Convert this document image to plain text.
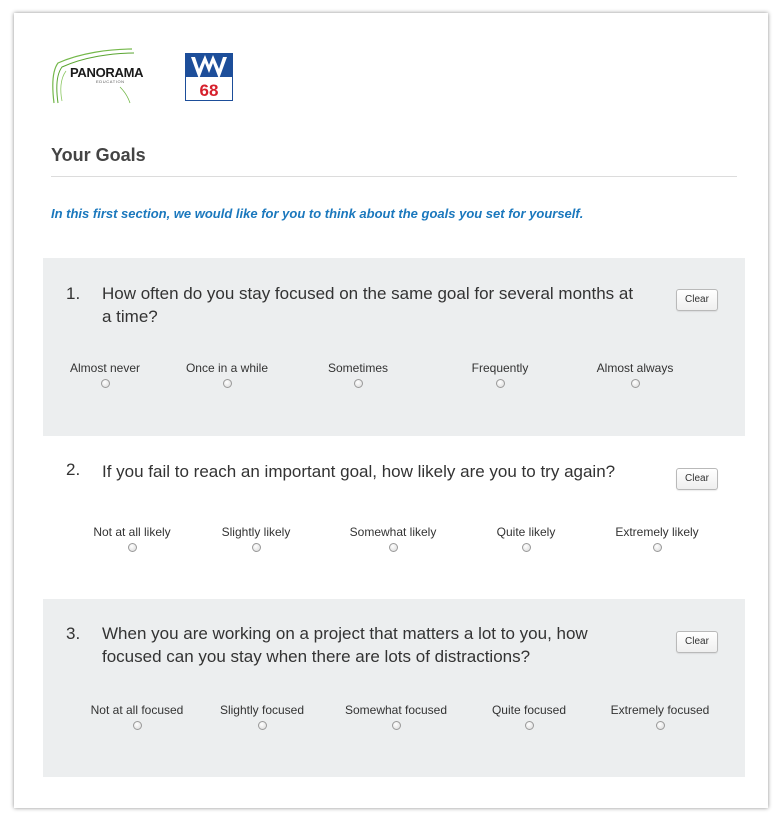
PANORAMA
EDUCATION	68
Your Goals
In this first section, we would like for you to think about the goals you set for yourself.
1. How often do you stay focused on the same goal for several months at a time?
Clear
Almost never	Once in a while	Sometimes	Frequently	Almost always
2. If you fail to reach an important goal, how likely are you to try again?	Clear
Not at all likely	Slightly likely	Somewhat likely	Quite likely	Extremely likely
3. When you are working on a project that matters a lot to you, how focused can you stay when there are lots of distractions?
Clear
Not at all focused	Slightly focused	Somewhat focused	Quite focused	Extremely focused
